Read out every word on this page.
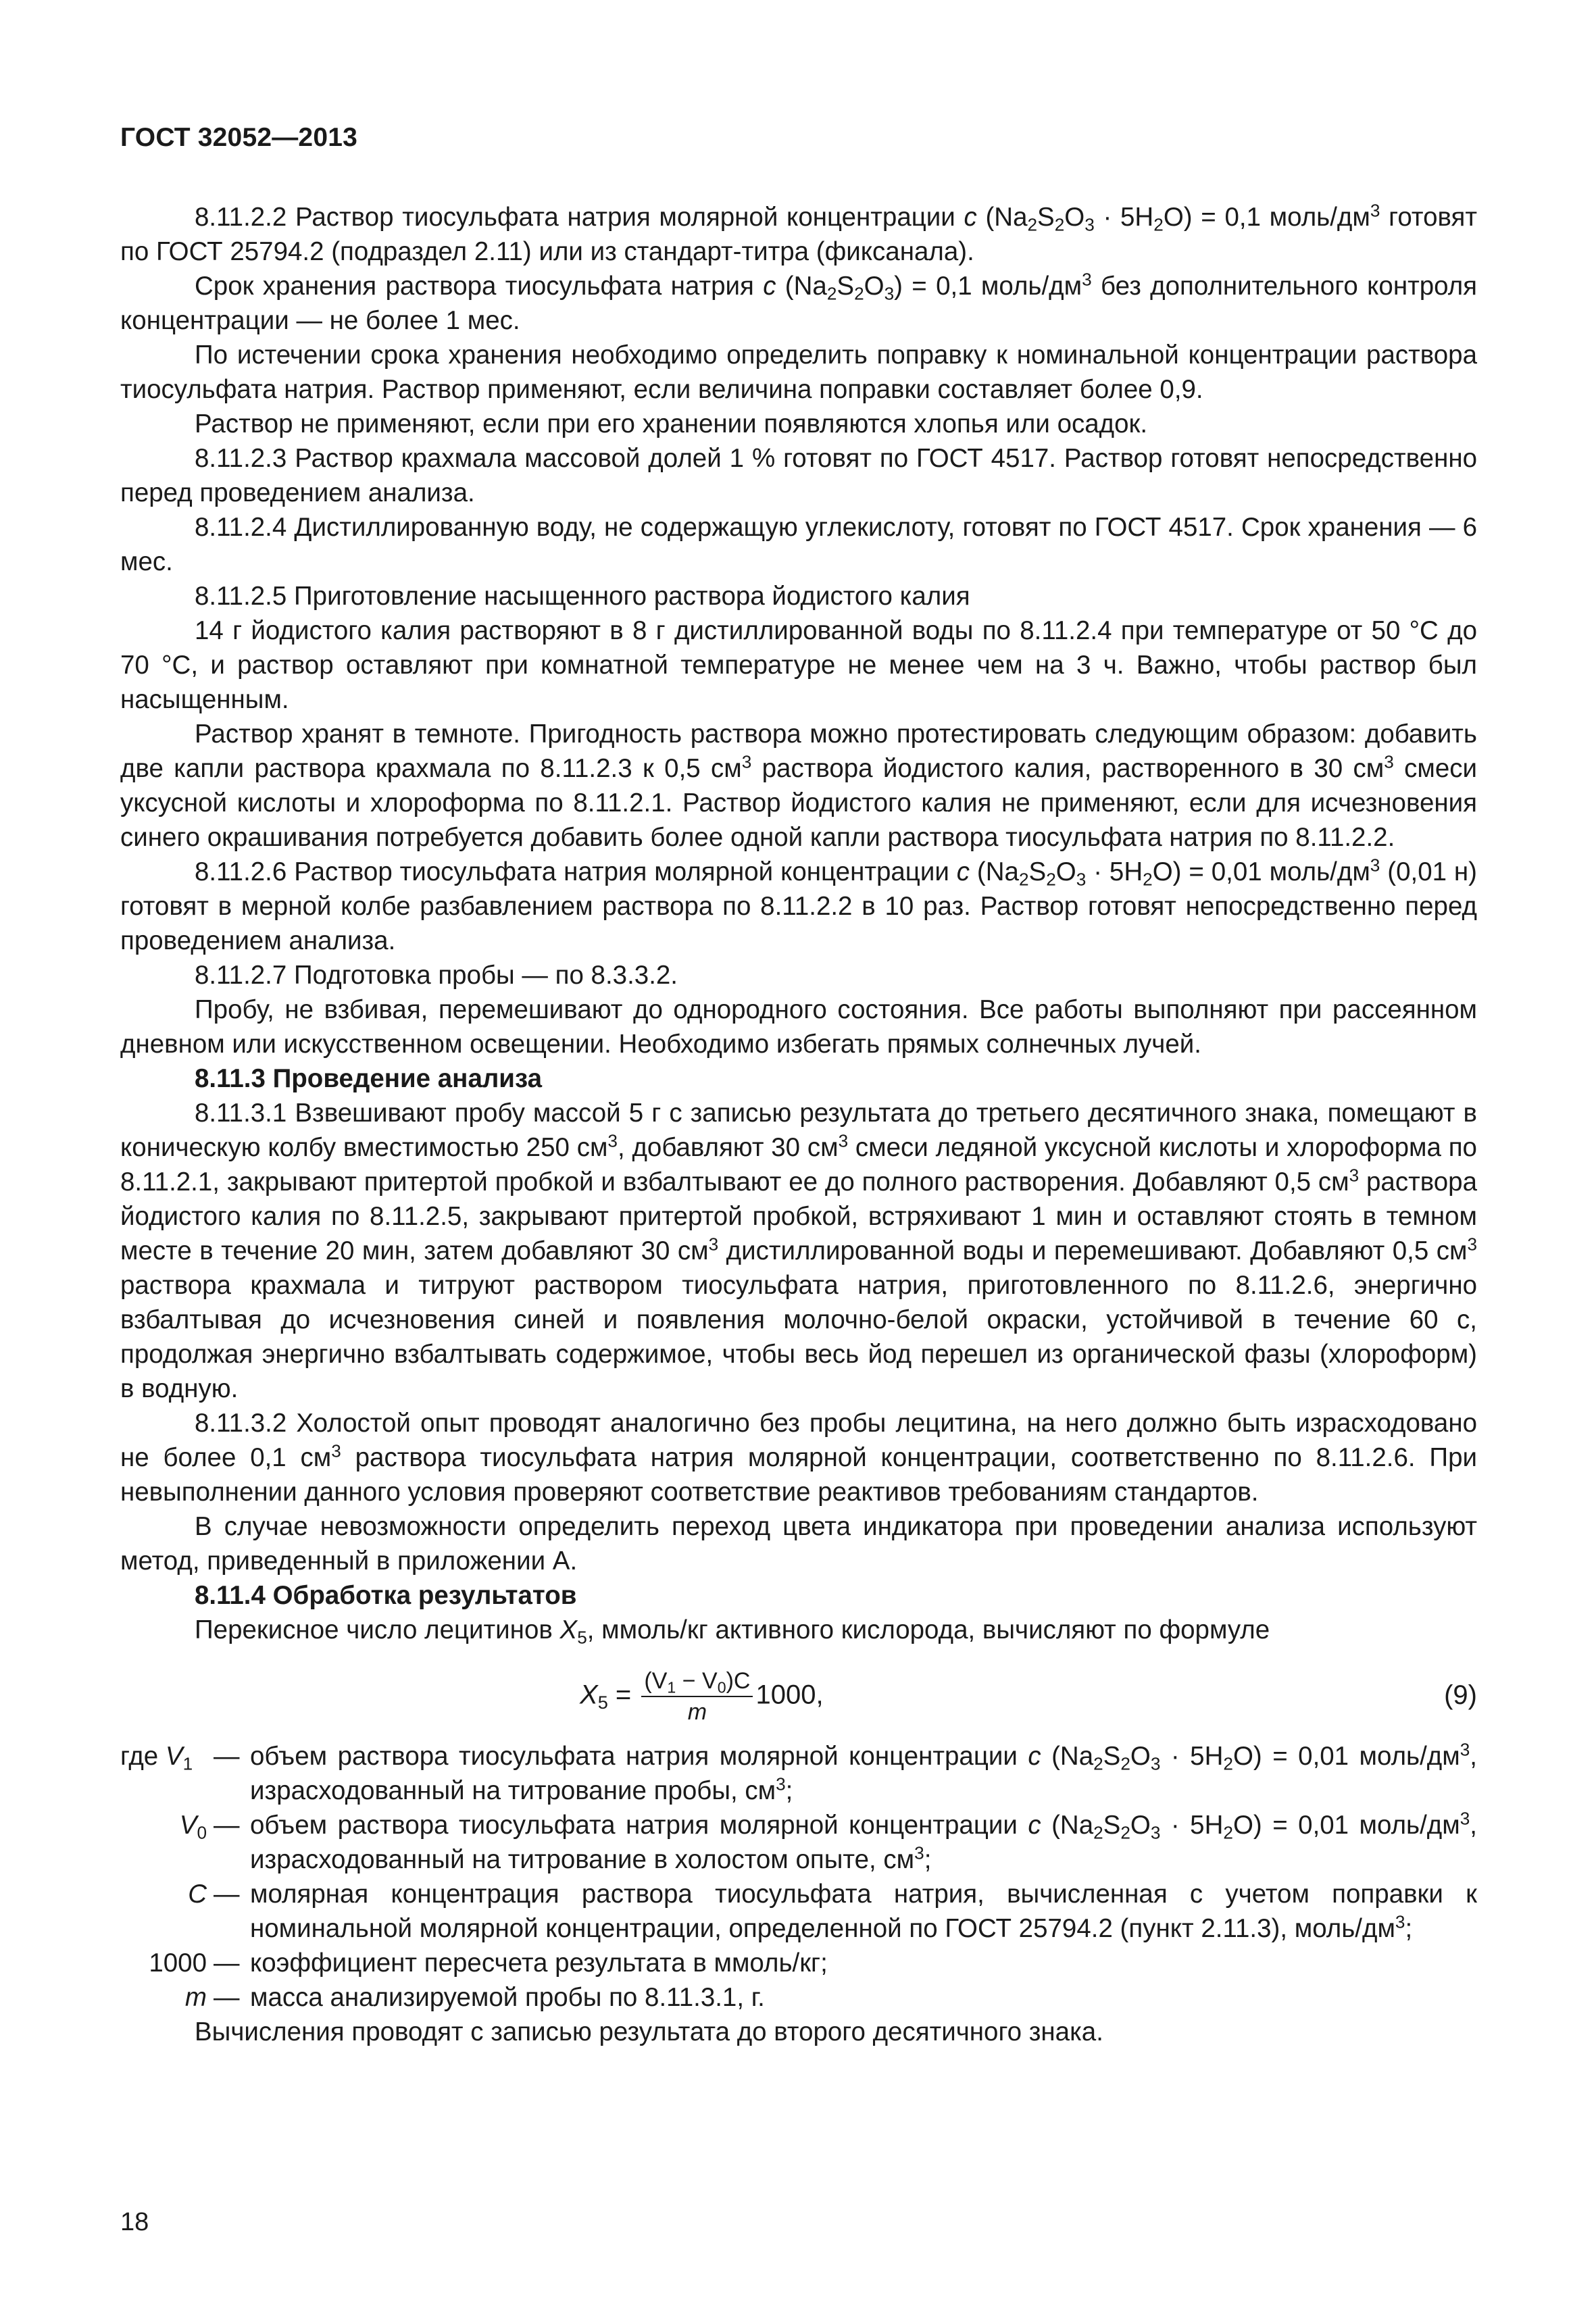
ГОСТ 32052—2013

8.11.2.2 Раствор тиосульфата натрия молярной концентрации с $(Na_2S_2O_3 \cdot 5H_2O) = 0,1$ моль/$дм^3$ готовят по ГОСТ 25794.2 (подраздел 2.11) или из стандарт-титра (фиксанала).

Срок хранения раствора тиосульфата натрия с $(Na_2S_2O_3) = 0,1$ моль/$дм^3$ без дополнительного контроля концентрации — не более 1 мес.

По истечении срока хранения необходимо определить поправку к номинальной концентрации раствора тиосульфата натрия. Раствор применяют, если величина поправки составляет более 0,9.

Раствор не применяют, если при его хранении появляются хлопья или осадок.

8.11.2.3 Раствор крахмала массовой долей 1 % готовят по ГОСТ 4517. Раствор готовят непосредственно перед проведением анализа.

8.11.2.4 Дистиллированную воду, не содержащую углекислоту, готовят по ГОСТ 4517. Срок хранения — 6 мес.

8.11.2.5 Приготовление насыщенного раствора йодистого калия

14 г йодистого калия растворяют в 8 г дистиллированной воды по 8.11.2.4 при температуре от 50 °С до 70 °С, и раствор оставляют при комнатной температуре не менее чем на 3 ч. Важно, чтобы раствор был насыщенным.

Раствор хранят в темноте. Пригодность раствора можно протестировать следующим образом: добавить две капли раствора крахмала по 8.11.2.3 к 0,5 $см^3$ раствора йодистого калия, растворенного в 30 $см^3$ смеси уксусной кислоты и хлороформа по 8.11.2.1. Раствор йодистого калия не применяют, если для исчезновения синего окрашивания потребуется добавить более одной капли раствора тиосульфата натрия по 8.11.2.2.

8.11.2.6 Раствор тиосульфата натрия молярной концентрации с $(Na_2S_2O_3 \cdot 5H_2O) = 0,01$ моль/$дм^3$ (0,01 н) готовят в мерной колбе разбавлением раствора по 8.11.2.2 в 10 раз. Раствор готовят непосредственно перед проведением анализа.

8.11.2.7 Подготовка пробы — по 8.3.3.2.

Пробу, не взбивая, перемешивают до однородного состояния. Все работы выполняют при рассеянном дневном или искусственном освещении. Необходимо избегать прямых солнечных лучей.

8.11.3 Проведение анализа

8.11.3.1 Взвешивают пробу массой 5 г с записью результата до третьего десятичного знака, помещают в коническую колбу вместимостью 250 $см^3$, добавляют 30 $см^3$ смеси ледяной уксусной кислоты и хлороформа по 8.11.2.1, закрывают притертой пробкой и взбалтывают ее до полного растворения. Добавляют 0,5 $см^3$ раствора йодистого калия по 8.11.2.5, закрывают притертой пробкой, встряхивают 1 мин и оставляют стоять в темном месте в течение 20 мин, затем добавляют 30 $см^3$ дистиллированной воды и перемешивают. Добавляют 0,5 $см^3$ раствора крахмала и титруют раствором тиосульфата натрия, приготовленного по 8.11.2.6, энергично взбалтывая до исчезновения синей и появления молочно-белой окраски, устойчивой в течение 60 с, продолжая энергично взбалтывать содержимое, чтобы весь йод перешел из органической фазы (хлороформ) в водную.

8.11.3.2 Холостой опыт проводят аналогично без пробы лецитина, на него должно быть израсходовано не более 0,1 $см^3$ раствора тиосульфата натрия молярной концентрации, соответственно по 8.11.2.6. При невыполнении данного условия проверяют соответствие реактивов требованиям стандартов.

В случае невозможности определить переход цвета индикатора при проведении анализа используют метод, приведенный в приложении А.

8.11.4 Обработка результатов

Перекисное число лецитинов $X_5$, ммоль/кг активного кислорода, вычисляют по формуле

$X_5 = \frac{(V_1 - V_0)C}{m} 1000$,	(9)
где $V_1$ — объем раствора тиосульфата натрия молярной концентрации с $(Na_2S_2O_3 \cdot 5H_2O) = 0,01$ моль/$дм^3$, израсходованный на титрование пробы, $см^3$;
$V_0$ — объем раствора тиосульфата натрия молярной концентрации с $(Na_2S_2O_3 \cdot 5H_2O) = 0,01$ моль/$дм^3$, израсходованный на титрование в холостом опыте, $см^3$;
C — молярная концентрация раствора тиосульфата натрия, вычисленная с учетом поправки к номинальной молярной концентрации, определенной по ГОСТ 25794.2 (пункт 2.11.3), моль/$дм^3$;
1000 — коэффициент пересчета результата в ммоль/кг;
m — масса анализируемой пробы по 8.11.3.1, г.

Вычисления проводят с записью результата до второго десятичного знака.

18
